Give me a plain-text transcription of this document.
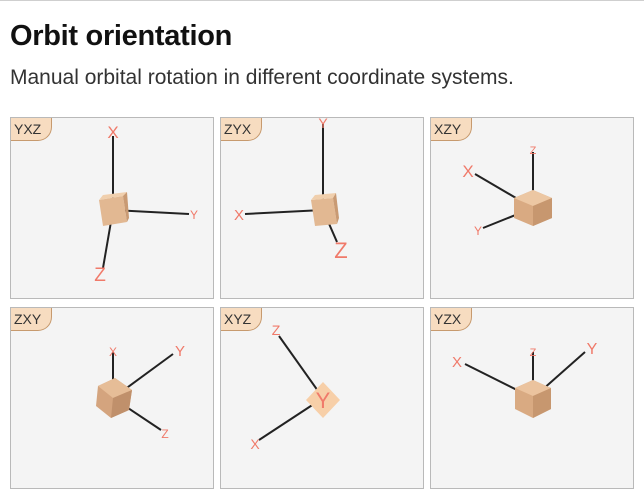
Orbit orientation

Manual orbital rotation in different coordinate systems.

X
Y
Z
YXZ	Y
X
Z
ZYX
Z
X
Y
XZY
X	Y
Z
ZXY
Y
Z
X
XYZ
Z
X
Y
YZX
